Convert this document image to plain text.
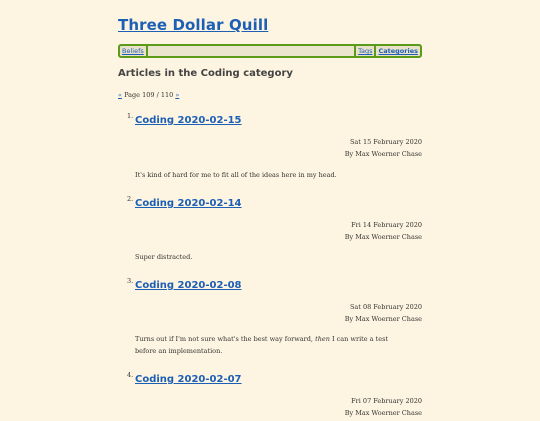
Three Dollar Quill
Beliefs	Tags Categories
Articles in the Coding category
« Page 109 / 110 »
1. Coding 2020-02-15
Sat 15 February 2020
By Max Woerner Chase
It's kind of hard for me to fit all of the ideas here in my head.
2. Coding 2020-02-14
Fri 14 February 2020
By Max Woerner Chase
Super distracted.
3. Coding 2020-02-08
Sat 08 February 2020
By Max Woerner Chase
Turns out if I'm not sure what's the best way forward, then I can write a test
before an implementation.
4. Coding 2020-02-07
Fri 07 February 2020
By Max Woerner Chase
